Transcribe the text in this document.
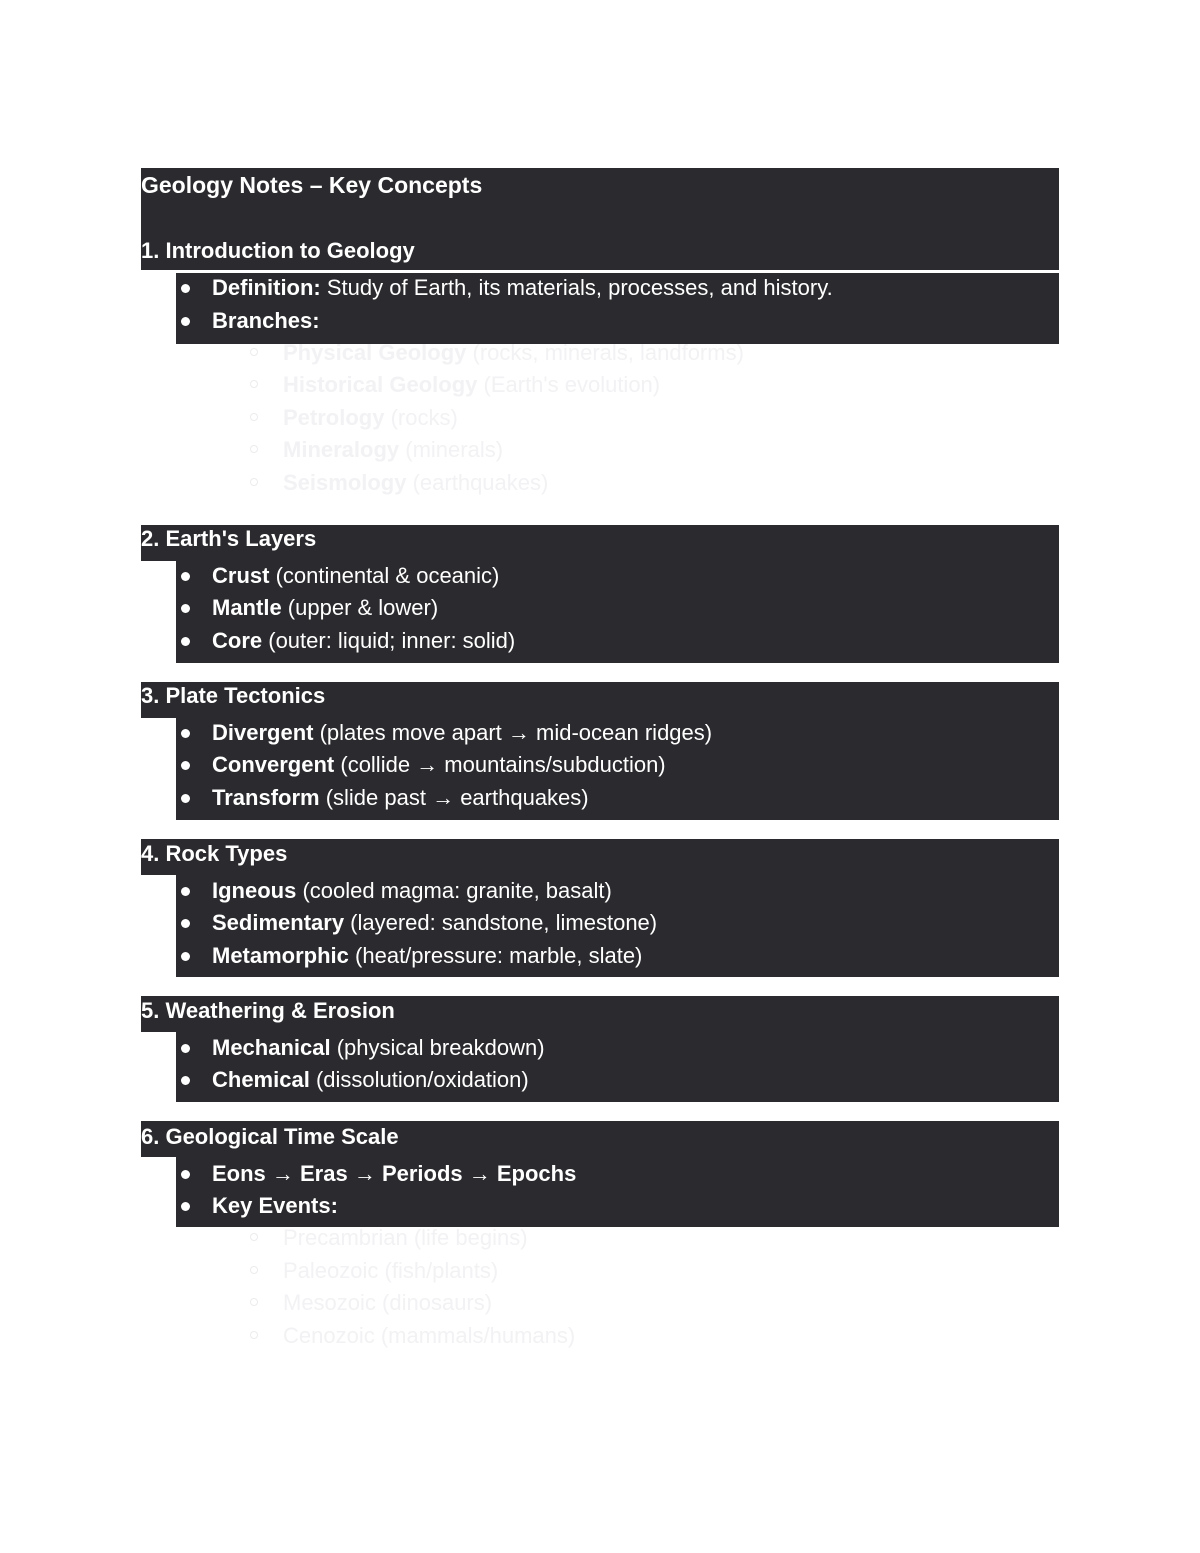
Geology Notes – Key Concepts
1. Introduction to Geology
Definition: Study of Earth, its materials, processes, and history.
Branches:
Physical Geology (rocks, minerals, landforms)
Historical Geology (Earth's evolution)
Petrology (rocks)
Mineralogy (minerals)
Seismology (earthquakes)
2. Earth's Layers
Crust (continental & oceanic)
Mantle (upper & lower)
Core (outer: liquid; inner: solid)
3. Plate Tectonics
Divergent (plates move apart → mid-ocean ridges)
Convergent (collide → mountains/subduction)
Transform (slide past → earthquakes)
4. Rock Types
Igneous (cooled magma: granite, basalt)
Sedimentary (layered: sandstone, limestone)
Metamorphic (heat/pressure: marble, slate)
5. Weathering & Erosion
Mechanical (physical breakdown)
Chemical (dissolution/oxidation)
6. Geological Time Scale
Eons → Eras → Periods → Epochs
Key Events:
Precambrian (life begins)
Paleozoic (fish/plants)
Mesozoic (dinosaurs)
Cenozoic (mammals/humans)
